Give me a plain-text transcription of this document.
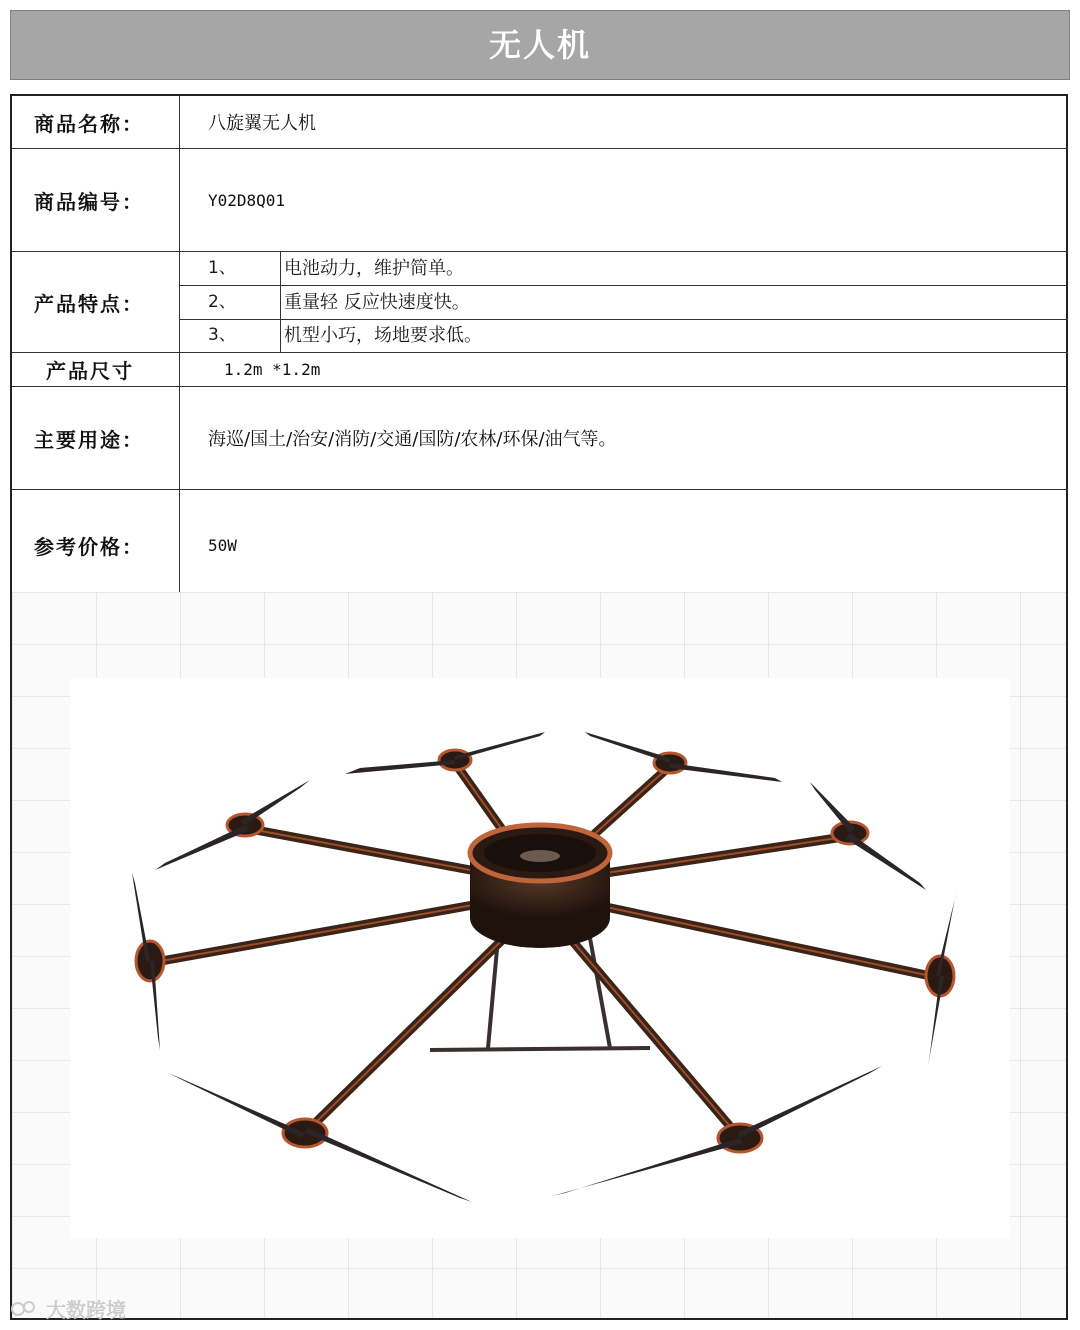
无人机
商品名称：	八旋翼无人机
商品编号：	Y02D8Q01
产品特点：
1、	电池动力，维护简单。
2、	重量轻 反应快速度快。
3、	机型小巧，场地要求低。
产品尺寸	1.2m *1.2m
主要用途：	海巡/国土/治安/消防/交通/国防/农林/环保/油气等。
参考价格：	50W
大数跨境
